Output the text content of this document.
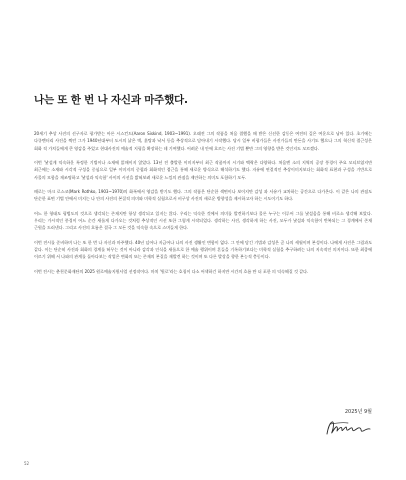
나는 또 한 번 나 자신과 마주했다.

20세기 추상 사진의 선구자로 평가받는 아론 시스킨드(Aaron Siskind, 1903~1991). 오래전 그의 작품을 처음 접했을 때 받은 신선한 감동은 여전히 깊은 여운으로 남아 있다. 초기에는 다큐멘터리 사진을 찍던 그가 1940년대부터 도시의 낡은 벽, 흙탕과 낙서 등을 추상적으로 담아내기 시작했다. 당시 일부 비평가들은 사진가들의 만든을 사기도 했으나 그의 혁신적 접근성은 회화 적 가치들에게 큰 영감을 주었고 현대사진의 예술적 지평을 확장하는 데 기여했다. 어려운 내 안에 흐르는 사진 기법 뿐만 그의 영향을 받은 것인지도 모르겠다.

이번 '낯설게 익숙하운 특정한 기법이나 소재에 얽매이지 않았다. 13년 전 출발한 이미지부터 최근 작품까지 시기와 맥락은 다양하다. 처음엔 소의 지역의 공장 풍경이 주요 모티브였지만 최근에는 소재와 시각적 구성을 중심으로 일부 이미지의 중첩과 회화적인 접근을 통해 새로운 방식으로 해석하기도 했다. 자유에 연결적인 추상이미지보다는 회화적 표현과 구성을 기반으로 사물의 모함을 재조명하고 '낯설과 익숙함' 사이의 시선을 밝혀보려 새로운 느낌의 관점을 제안하는 의미도 포함하기 모두.

때로는 마크 로스코(Mark Rothko, 1903~1970)의 화폭에서 영감을 받기도 했다. 그의 작품은 단순한 색면이나 보이지만 감성 과 사유가 교차하는 공간으로 다가온다. 이 같은 나의 관점도 단순한 표면 기법 안에서 미지는 나 안의 사진의 본질적 의미와 미학적 실험으로서 비구상 사진의 새로운 방향성을 제시하고자 하는 시도이기도 하다.

어느 한 형태도 평범도의 것으로 생각되는 존재지만 항상 생각되고 있지는 않다. 우리는 익숙한 것에서 의미를 발견하기보다 물론 누구는 이루어 그를 낯설음을 통해 비로소 생각해 보았다. 우리는 가시적인 풍경이 어느 순간 새롭게 다가오는 것처럼 추상적인 시선 또한 그렇게 시작되었다. 생각하는 사진, 생각하게 하는 사진, 모두가 낯설과 익숙함이 반복되는 그 경계에서 존재 근원을 드러낸다. 그리고 사진의 흐름은 결국 그 모든 것을 익숙함 속으로 스며들게 한다.

이번 전시를 준비하며 나는 또 한 번 나 자신과 마주했다. 40년 넘어나 지금어나 나의 사진 생활인 변함이 없다. 그 안에 담긴 기법과 감성은 곧 나의 세월이며 본성이다. 나에게 사진은 그림과도 같다. 이는 단순히 사진과 회화의 경계를 허무는 것이 아니라 감각과 인식을 새롭으로 한 예술 행위이며 흔들을 기록하기보다는 미학적 실험을 추구하려는 나의 지속적인 의지이다. 또한 최종에 이르기 위해 서 나와의 관계를 돌아다보는 작업은 변화의 또는 존재의 본질을 재발견 하는 것이며 또 다른 발상을 향한 본능적 충동이다.

이번 전시는 춘천문화재단의 2025 원로예술지원사업 선정작이다. 마치 '원로'라는 호칭이 다소 어색하긴 하지만 시간의 흐름 만 더 포한 의 익숙해질 것 같다.

2025년 9월
52
